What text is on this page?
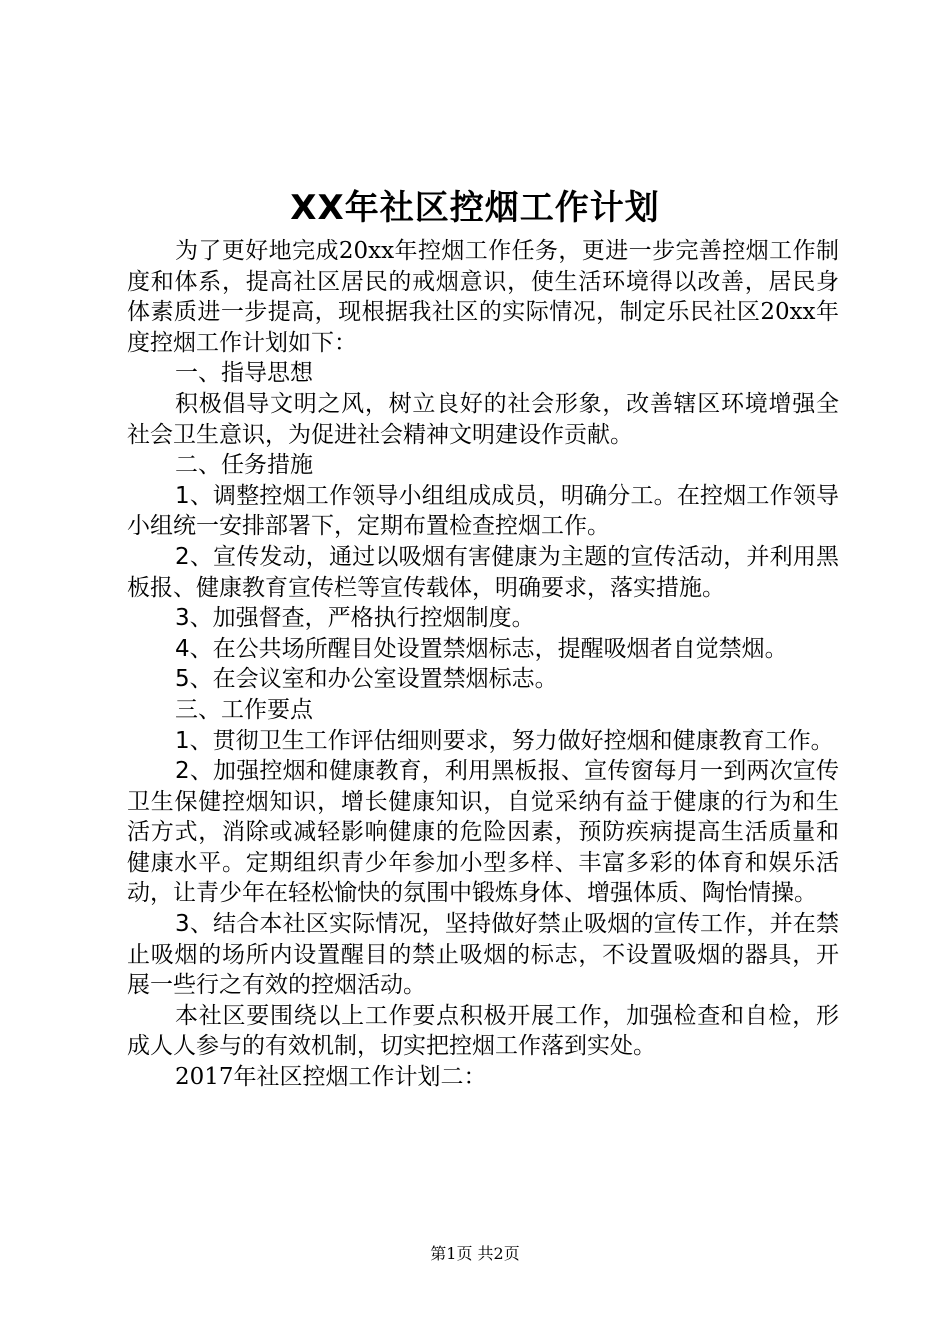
XX年社区控烟工作计划

为了更好地完成20xx年控烟工作任务，更进一步完善控烟工作制度和体系，提高社区居民的戒烟意识，使生活环境得以改善，居民身体素质进一步提高，现根据我社区的实际情况，制定乐民社区20xx年度控烟工作计划如下：

一、指导思想

积极倡导文明之风，树立良好的社会形象，改善辖区环境增强全社会卫生意识，为促进社会精神文明建设作贡献。

二、任务措施

1、调整控烟工作领导小组组成成员，明确分工。在控烟工作领导小组统一安排部署下，定期布置检查控烟工作。

2、宣传发动，通过以吸烟有害健康为主题的宣传活动，并利用黑板报、健康教育宣传栏等宣传载体，明确要求，落实措施。

3、加强督查，严格执行控烟制度。

4、在公共场所醒目处设置禁烟标志，提醒吸烟者自觉禁烟。

5、在会议室和办公室设置禁烟标志。

三、工作要点

1、贯彻卫生工作评估细则要求，努力做好控烟和健康教育工作。

2、加强控烟和健康教育，利用黑板报、宣传窗每月一到两次宣传卫生保健控烟知识，增长健康知识，自觉采纳有益于健康的行为和生活方式，消除或减轻影响健康的危险因素，预防疾病提高生活质量和健康水平。定期组织青少年参加小型多样、丰富多彩的体育和娱乐活动，让青少年在轻松愉快的氛围中锻炼身体、增强体质、陶怡情操。

3、结合本社区实际情况，坚持做好禁止吸烟的宣传工作，并在禁止吸烟的场所内设置醒目的禁止吸烟的标志，不设置吸烟的器具，开展一些行之有效的控烟活动。

本社区要围绕以上工作要点积极开展工作，加强检查和自检，形成人人参与的有效机制，切实把控烟工作落到实处。

2017年社区控烟工作计划二：

第1页 共2页
